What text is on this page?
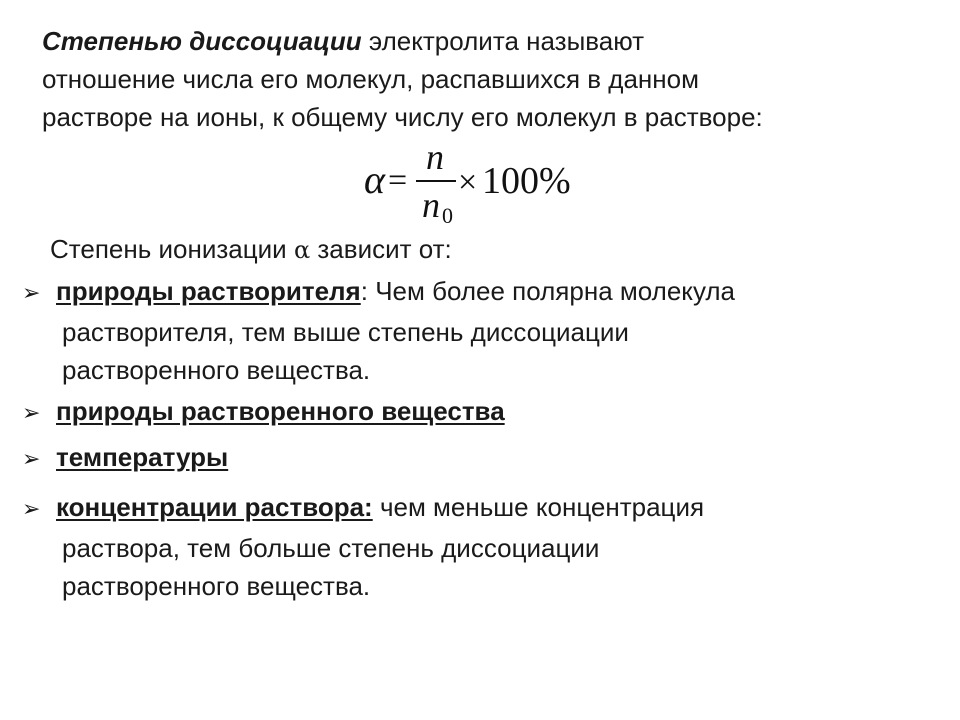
Степенью диссоциации электролита называют
отношение числа его молекул, распавшихся в данном
растворе на ионы, к общему числу его молекул в растворе:
α =
n
n 0
× 100%
Степень ионизации α зависит от:
➢ природы растворителя: Чем более полярна молекула
растворителя, тем выше степень диссоциации
растворенного вещества.
➢ природы растворенного вещества
➢ температуры
➢ концентрации раствора: чем меньше концентрация
раствора, тем больше степень диссоциации
растворенного вещества.
